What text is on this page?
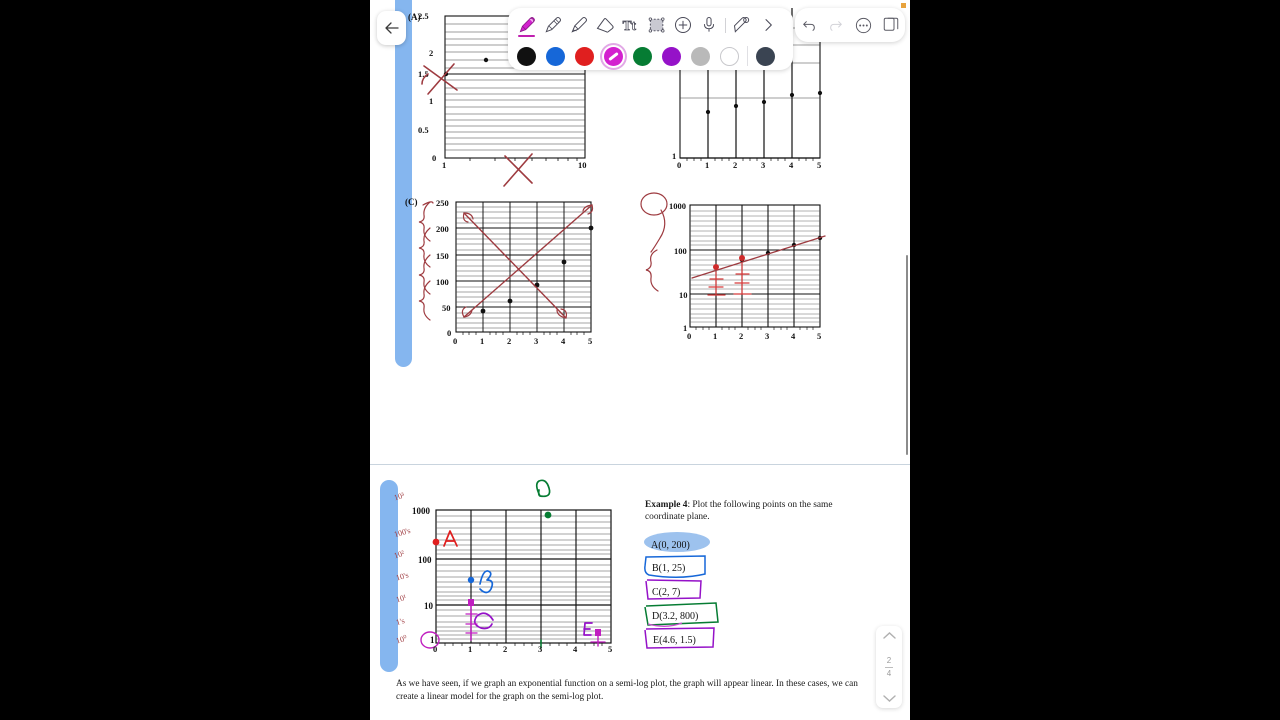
(A)
2.5
2
1.5
1
0.5
0
1	10
1
0	1	2	3	4	5
(C) 250
200
150
100
50
0
0	1	2	3	4	5
1000
100
10
1
0	1	2	3	4	5
1000
100
10
1
0	1	2	3	4	5
10³
100's
10²
10's
10¹
1's
10⁰
Example 4: Plot the following points on the same coordinate plane.
A(0, 200)
B(1, 25)
C(2, 7)
D(3.2, 800)
E(4.6, 1.5)
As we have seen, if we graph an exponential function on a semi-log plot, the graph will appear linear. In these cases, we can create a linear model for the graph on the semi-log plot.
2
4
Tt
